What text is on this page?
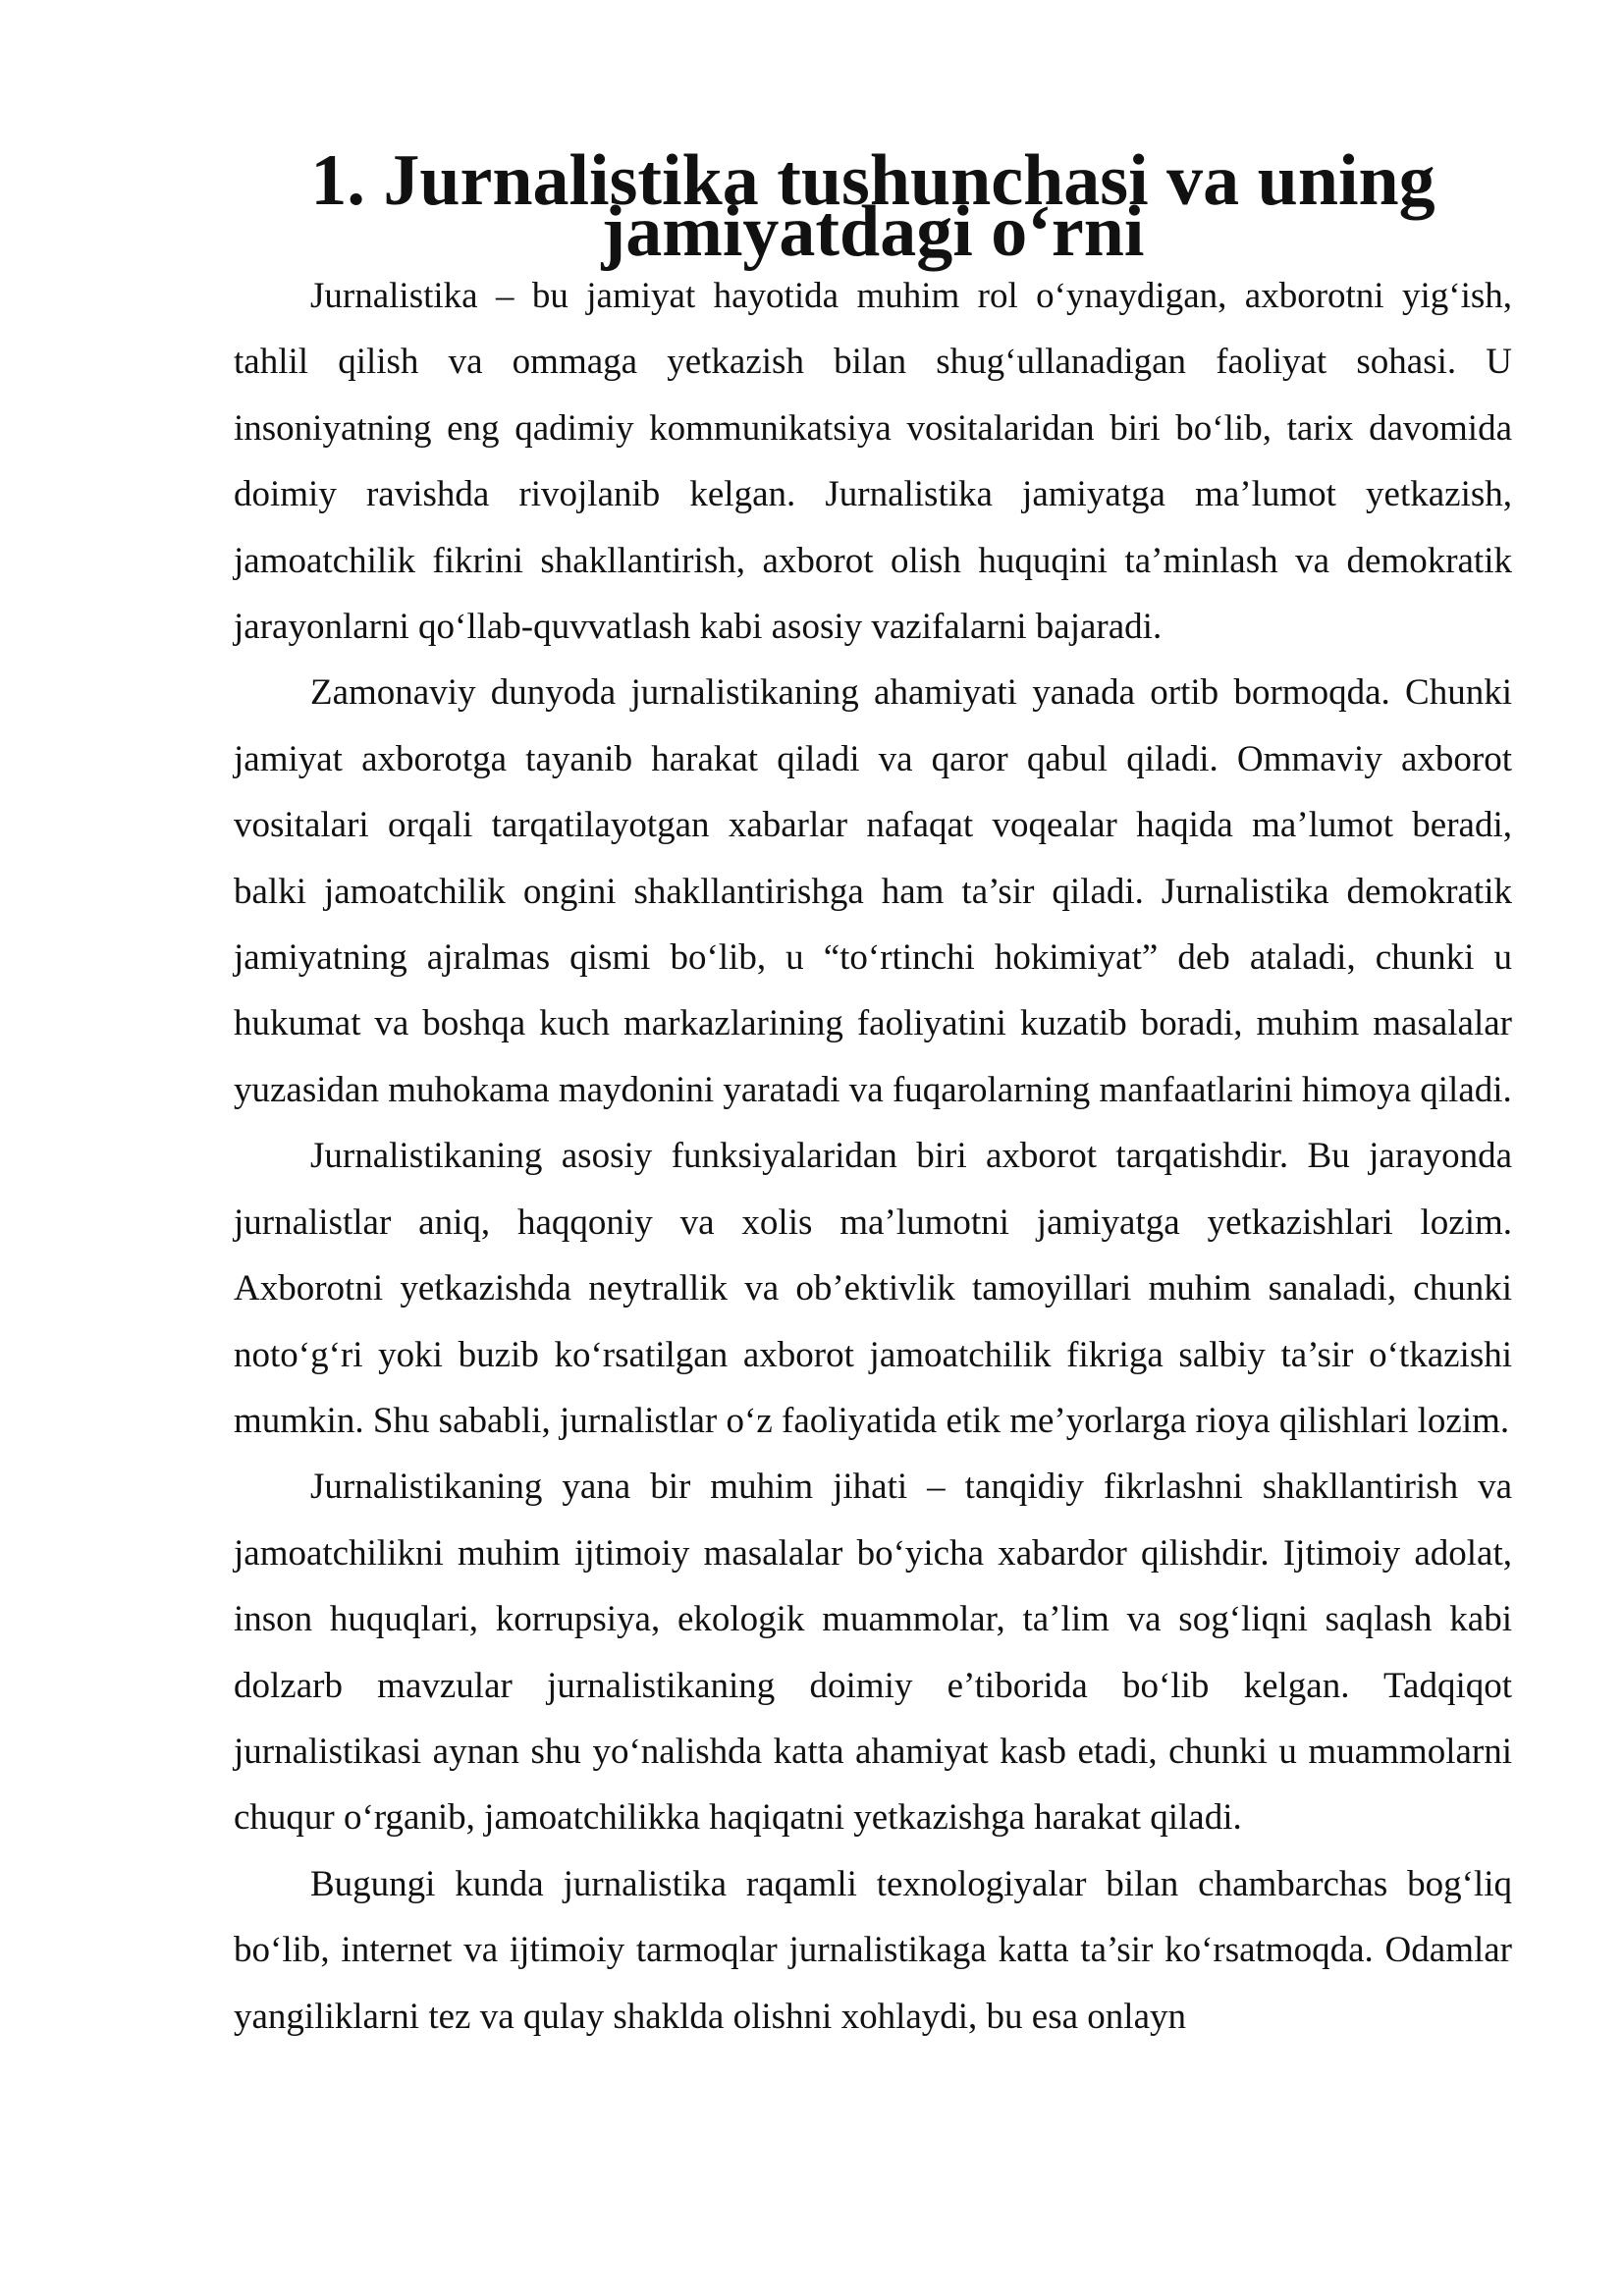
1. Jurnalistika tushunchasi va uning jamiyatdagi o‘rni

Jurnalistika – bu jamiyat hayotida muhim rol o‘ynaydigan, axborotni yig‘ish, tahlil qilish va ommaga yetkazish bilan shug‘ullanadigan faoliyat sohasi. U insoniyatning eng qadimiy kommunikatsiya vositalaridan biri bo‘lib, tarix davomida doimiy ravishda rivojlanib kelgan. Jurnalistika jamiyatga ma’lumot yetkazish, jamoatchilik fikrini shakllantirish, axborot olish huquqini ta’minlash va demokratik jarayonlarni qo‘llab-quvvatlash kabi asosiy vazifalarni bajaradi.

Zamonaviy dunyoda jurnalistikaning ahamiyati yanada ortib bormoqda. Chunki jamiyat axborotga tayanib harakat qiladi va qaror qabul qiladi. Ommaviy axborot vositalari orqali tarqatilayotgan xabarlar nafaqat voqealar haqida ma’lumot beradi, balki jamoatchilik ongini shakllantirishga ham ta’sir qiladi. Jurnalistika demokratik jamiyatning ajralmas qismi bo‘lib, u “to‘rtinchi hokimiyat” deb ataladi, chunki u hukumat va boshqa kuch markazlarining faoliyatini kuzatib boradi, muhim masalalar yuzasidan muhokama maydonini yaratadi va fuqarolarning manfaatlarini himoya qiladi.

Jurnalistikaning asosiy funksiyalaridan biri axborot tarqatishdir. Bu jarayonda jurnalistlar aniq, haqqoniy va xolis ma’lumotni jamiyatga yetkazishlari lozim. Axborotni yetkazishda neytrallik va ob’ektivlik tamoyillari muhim sanaladi, chunki noto‘g‘ri yoki buzib ko‘rsatilgan axborot jamoatchilik fikriga salbiy ta’sir o‘tkazishi mumkin. Shu sababli, jurnalistlar o‘z faoliyatida etik me’yorlarga rioya qilishlari lozim.

Jurnalistikaning yana bir muhim jihati – tanqidiy fikrlashni shakllantirish va jamoatchilikni muhim ijtimoiy masalalar bo‘yicha xabardor qilishdir. Ijtimoiy adolat, inson huquqlari, korrupsiya, ekologik muammolar, ta’lim va sog‘liqni saqlash kabi dolzarb mavzular jurnalistikaning doimiy e’tiborida bo‘lib kelgan. Tadqiqot jurnalistikasi aynan shu yo‘nalishda katta ahamiyat kasb etadi, chunki u muammolarni chuqur o‘rganib, jamoatchilikka haqiqatni yetkazishga harakat qiladi.

Bugungi kunda jurnalistika raqamli texnologiyalar bilan chambarchas bog‘liq bo‘lib, internet va ijtimoiy tarmoqlar jurnalistikaga katta ta’sir ko‘rsatmoqda. Odamlar yangiliklarni tez va qulay shaklda olishni xohlaydi, bu esa onlayn
